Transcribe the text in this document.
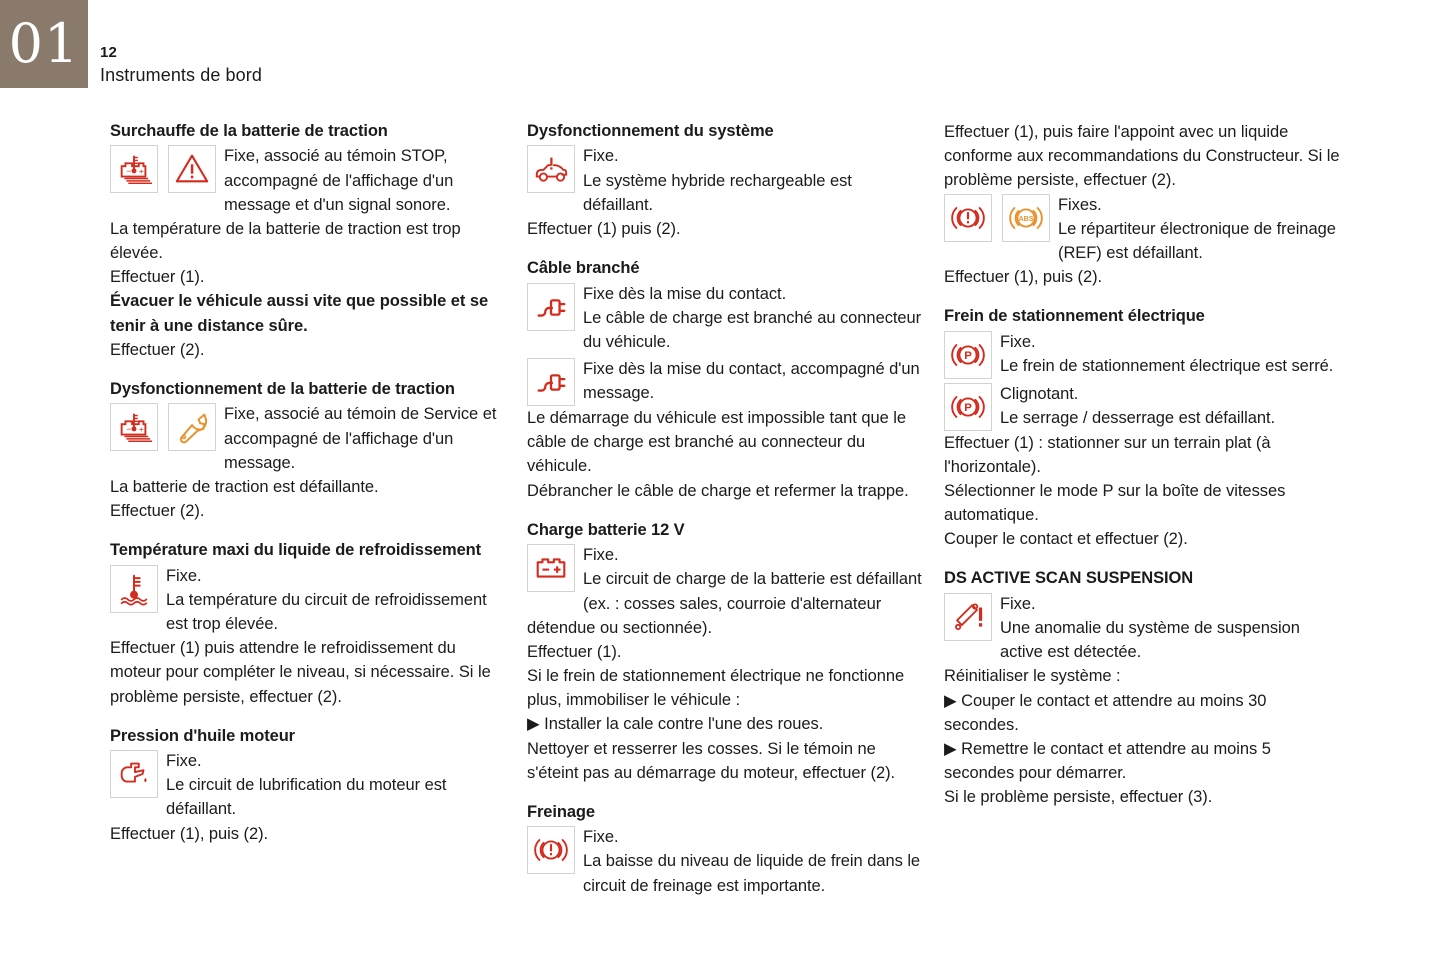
01	12
Instruments de bord
Surchauffe de la batterie de traction
− +

Fixe, associé au témoin STOP, accompagné de l'affichage d'un message et d'un signal sonore.

La température de la batterie de traction est trop élevée.

Effectuer (1).

Évacuer le véhicule aussi vite que possible et se tenir à une distance sûre.

Effectuer (2).

Dysfonctionnement de la batterie de traction
− +

Fixe, associé au témoin de Service et accompagné de l'affichage d'un message.

La batterie de traction est défaillante.

Effectuer (2).

Température maxi du liquide de refroidissement

Fixe.

La température du circuit de refroidissement est trop élevée.

Effectuer (1) puis attendre le refroidissement du moteur pour compléter le niveau, si nécessaire. Si le problème persiste, effectuer (2).

Pression d'huile moteur

Fixe.

Le circuit de lubrification du moteur est défaillant.

Effectuer (1), puis (2).

Dysfonctionnement du système

Fixe.

Le système hybride rechargeable est défaillant.

Effectuer (1) puis (2).

Câble branché

Fixe dès la mise du contact.

Le câble de charge est branché au connecteur du véhicule.

Fixe dès la mise du contact, accompagné d'un message.

Le démarrage du véhicule est impossible tant que le câble de charge est branché au connecteur du véhicule.

Débrancher le câble de charge et refermer la trappe.

Charge batterie 12 V

Fixe.

Le circuit de charge de la batterie est défaillant (ex. : cosses sales, courroie d'alternateur détendue ou sectionnée).

Effectuer (1).

Si le frein de stationnement électrique ne fonctionne plus, immobiliser le véhicule :

▶ Installer la cale contre l'une des roues.

Nettoyer et resserrer les cosses. Si le témoin ne s'éteint pas au démarrage du moteur, effectuer (2).

Freinage

Fixe.

La baisse du niveau de liquide de frein dans le circuit de freinage est importante.

Effectuer (1), puis faire l'appoint avec un liquide conforme aux recommandations du Constructeur. Si le problème persiste, effectuer (2).

ABS

Fixes.

Le répartiteur électronique de freinage (REF) est défaillant.

Effectuer (1), puis (2).

Frein de stationnement électrique
P

Fixe.

Le frein de stationnement électrique est serré.

P

Clignotant.

Le serrage / desserrage est défaillant.

Effectuer (1) : stationner sur un terrain plat (à l'horizontale).

Sélectionner le mode P sur la boîte de vitesses automatique.

Couper le contact et effectuer (2).

DS ACTIVE SCAN SUSPENSION

Fixe.

Une anomalie du système de suspension active est détectée.

Réinitialiser le système :

▶ Couper le contact et attendre au moins 30 secondes.

▶ Remettre le contact et attendre au moins 5 secondes pour démarrer.

Si le problème persiste, effectuer (3).
